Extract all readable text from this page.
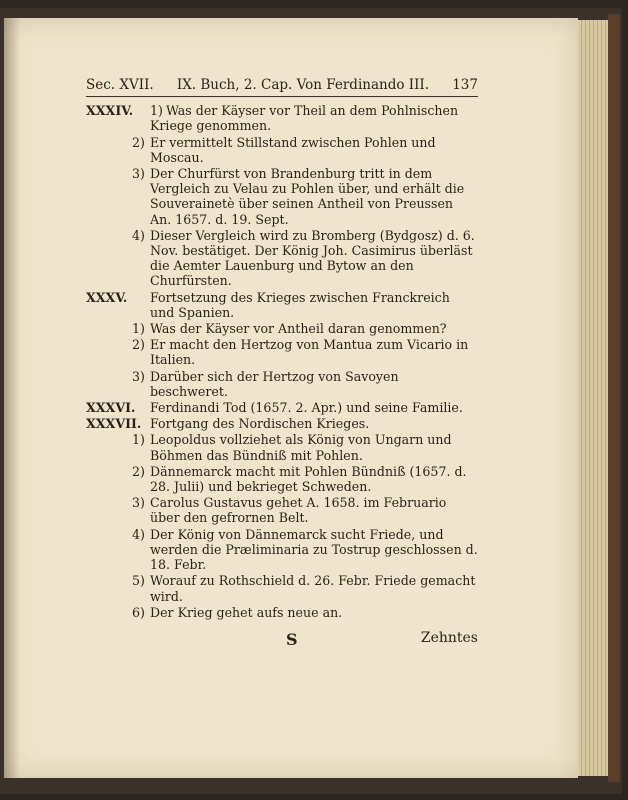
Sec. XVII.	IX. Buch, 2. Cap. Von Ferdinando III.	137
XXXIV.	1) Was der Käyser vor Theil an dem Pohlnischen Kriege genommen.
2) Er vermittelt Stillstand zwischen Pohlen und Moscau.
3) Der Churfürst von Brandenburg tritt in dem Vergleich zu Velau zu Pohlen über, und erhält die Souverainetè über seinen Antheil von Preussen An. 1657. d. 19. Sept.
4) Dieser Vergleich wird zu Bromberg (Bydgosz) d. 6. Nov. bestätiget. Der König Joh. Casimirus überläst die Aemter Lauenburg und Bytow an den Churfürsten.
XXXV.	Fortsetzung des Krieges zwischen Franckreich und Spanien.
1) Was der Käyser vor Antheil daran genommen?
2) Er macht den Hertzog von Mantua zum Vicario in Italien.
3) Darüber sich der Hertzog von Savoyen beschweret.
XXXVI.	Ferdinandi Tod (1657. 2. Apr.) und seine Familie.
XXXVII. Fortgang des Nordischen Krieges.
1) Leopoldus vollziehet als König von Ungarn und Böhmen das Bündniß mit Pohlen.
2) Dännemarck macht mit Pohlen Bündniß (1657. d. 28. Julii) und bekrieget Schweden.
3) Carolus Gustavus gehet A. 1658. im Februario über den gefrornen Belt.
4) Der König von Dännemarck sucht Friede, und werden die Præliminaria zu Tostrup geschlossen d. 18. Febr.
5) Worauf zu Rothschield d. 26. Febr. Friede gemacht wird.
6) Der Krieg gehet aufs neue an.
S	Zehntes
